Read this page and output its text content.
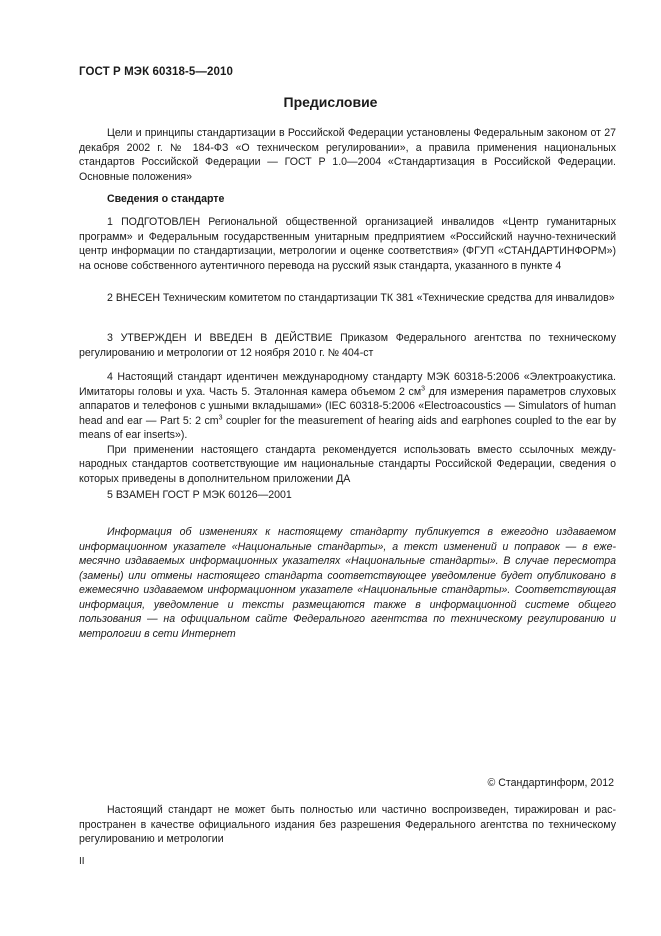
ГОСТ Р МЭК 60318-5—2010
Предисловие

Цели и принципы стандартизации в Российской Федерации установлены Федеральным законом от 27 декабря 2002 г. № 184-ФЗ «О техническом регулировании», а правила применения национальных стандартов Российской Федерации — ГОСТ Р 1.0—2004 «Стандартизация в Российской Федерации. Основные положения»

Сведения о стандарте

1 ПОДГОТОВЛЕН Региональной общественной организацией инвалидов «Центр гуманитарных программ» и Федеральным государственным унитарным предприятием «Российский научно-технический центр информации по стандартизации, метрологии и оценке соответствия» (ФГУП «СТАНДАРТИНФОРМ») на основе собственного аутентичного перевода на русский язык стандарта, указанного в пункте 4

2 ВНЕСЕН Техническим комитетом по стандартизации ТК 381 «Технические средства для инвалидов»

3 УТВЕРЖДЕН И ВВЕДЕН В ДЕЙСТВИЕ Приказом Федерального агентства по техническому регулированию и метрологии от 12 ноября 2010 г. № 404-ст

4 Настоящий стандарт идентичен международному стандарту МЭК 60318-5:2006 «Электроакустика. Имитаторы головы и уха. Часть 5. Эталонная камера объемом 2 $см^3$ для измерения параметров слуховых аппаратов и телефонов с ушными вкладышами» (IEC 60318-5:2006 «Electroacoustics — Simulators of human head and ear — Part 5: 2 $cm^3$ coupler for the measurement of hearing aids and earphones coupled to the ear by means of ear inserts»).

При применении настоящего стандарта рекомендуется использовать вместо ссылочных международных стандартов соответствующие им национальные стандарты Российской Федерации, сведения о которых приведены в дополнительном приложении ДА

5 ВЗАМЕН ГОСТ Р МЭК 60126—2001

Информация об изменениях к настоящему стандарту публикуется в ежегодно издаваемом информационном указателе «Национальные стандарты», а текст изменений и поправок — в ежемесячно издаваемых информационных указателях «Национальные стандарты». В случае пересмотра (замены) или отмены настоящего стандарта соответствующее уведомление будет опубликовано в ежемесячно издаваемом информационном указателе «Национальные стандарты». Соответствующая информация, уведомление и тексты размещаются также в информационной системе общего пользования — на официальном сайте Федерального агентства по техническому регулированию и метрологии в сети Интернет

© Стандартинформ, 2012

Настоящий стандарт не может быть полностью или частично воспроизведен, тиражирован и распространен в качестве официального издания без разрешения Федерального агентства по техническому регулированию и метрологии

II
